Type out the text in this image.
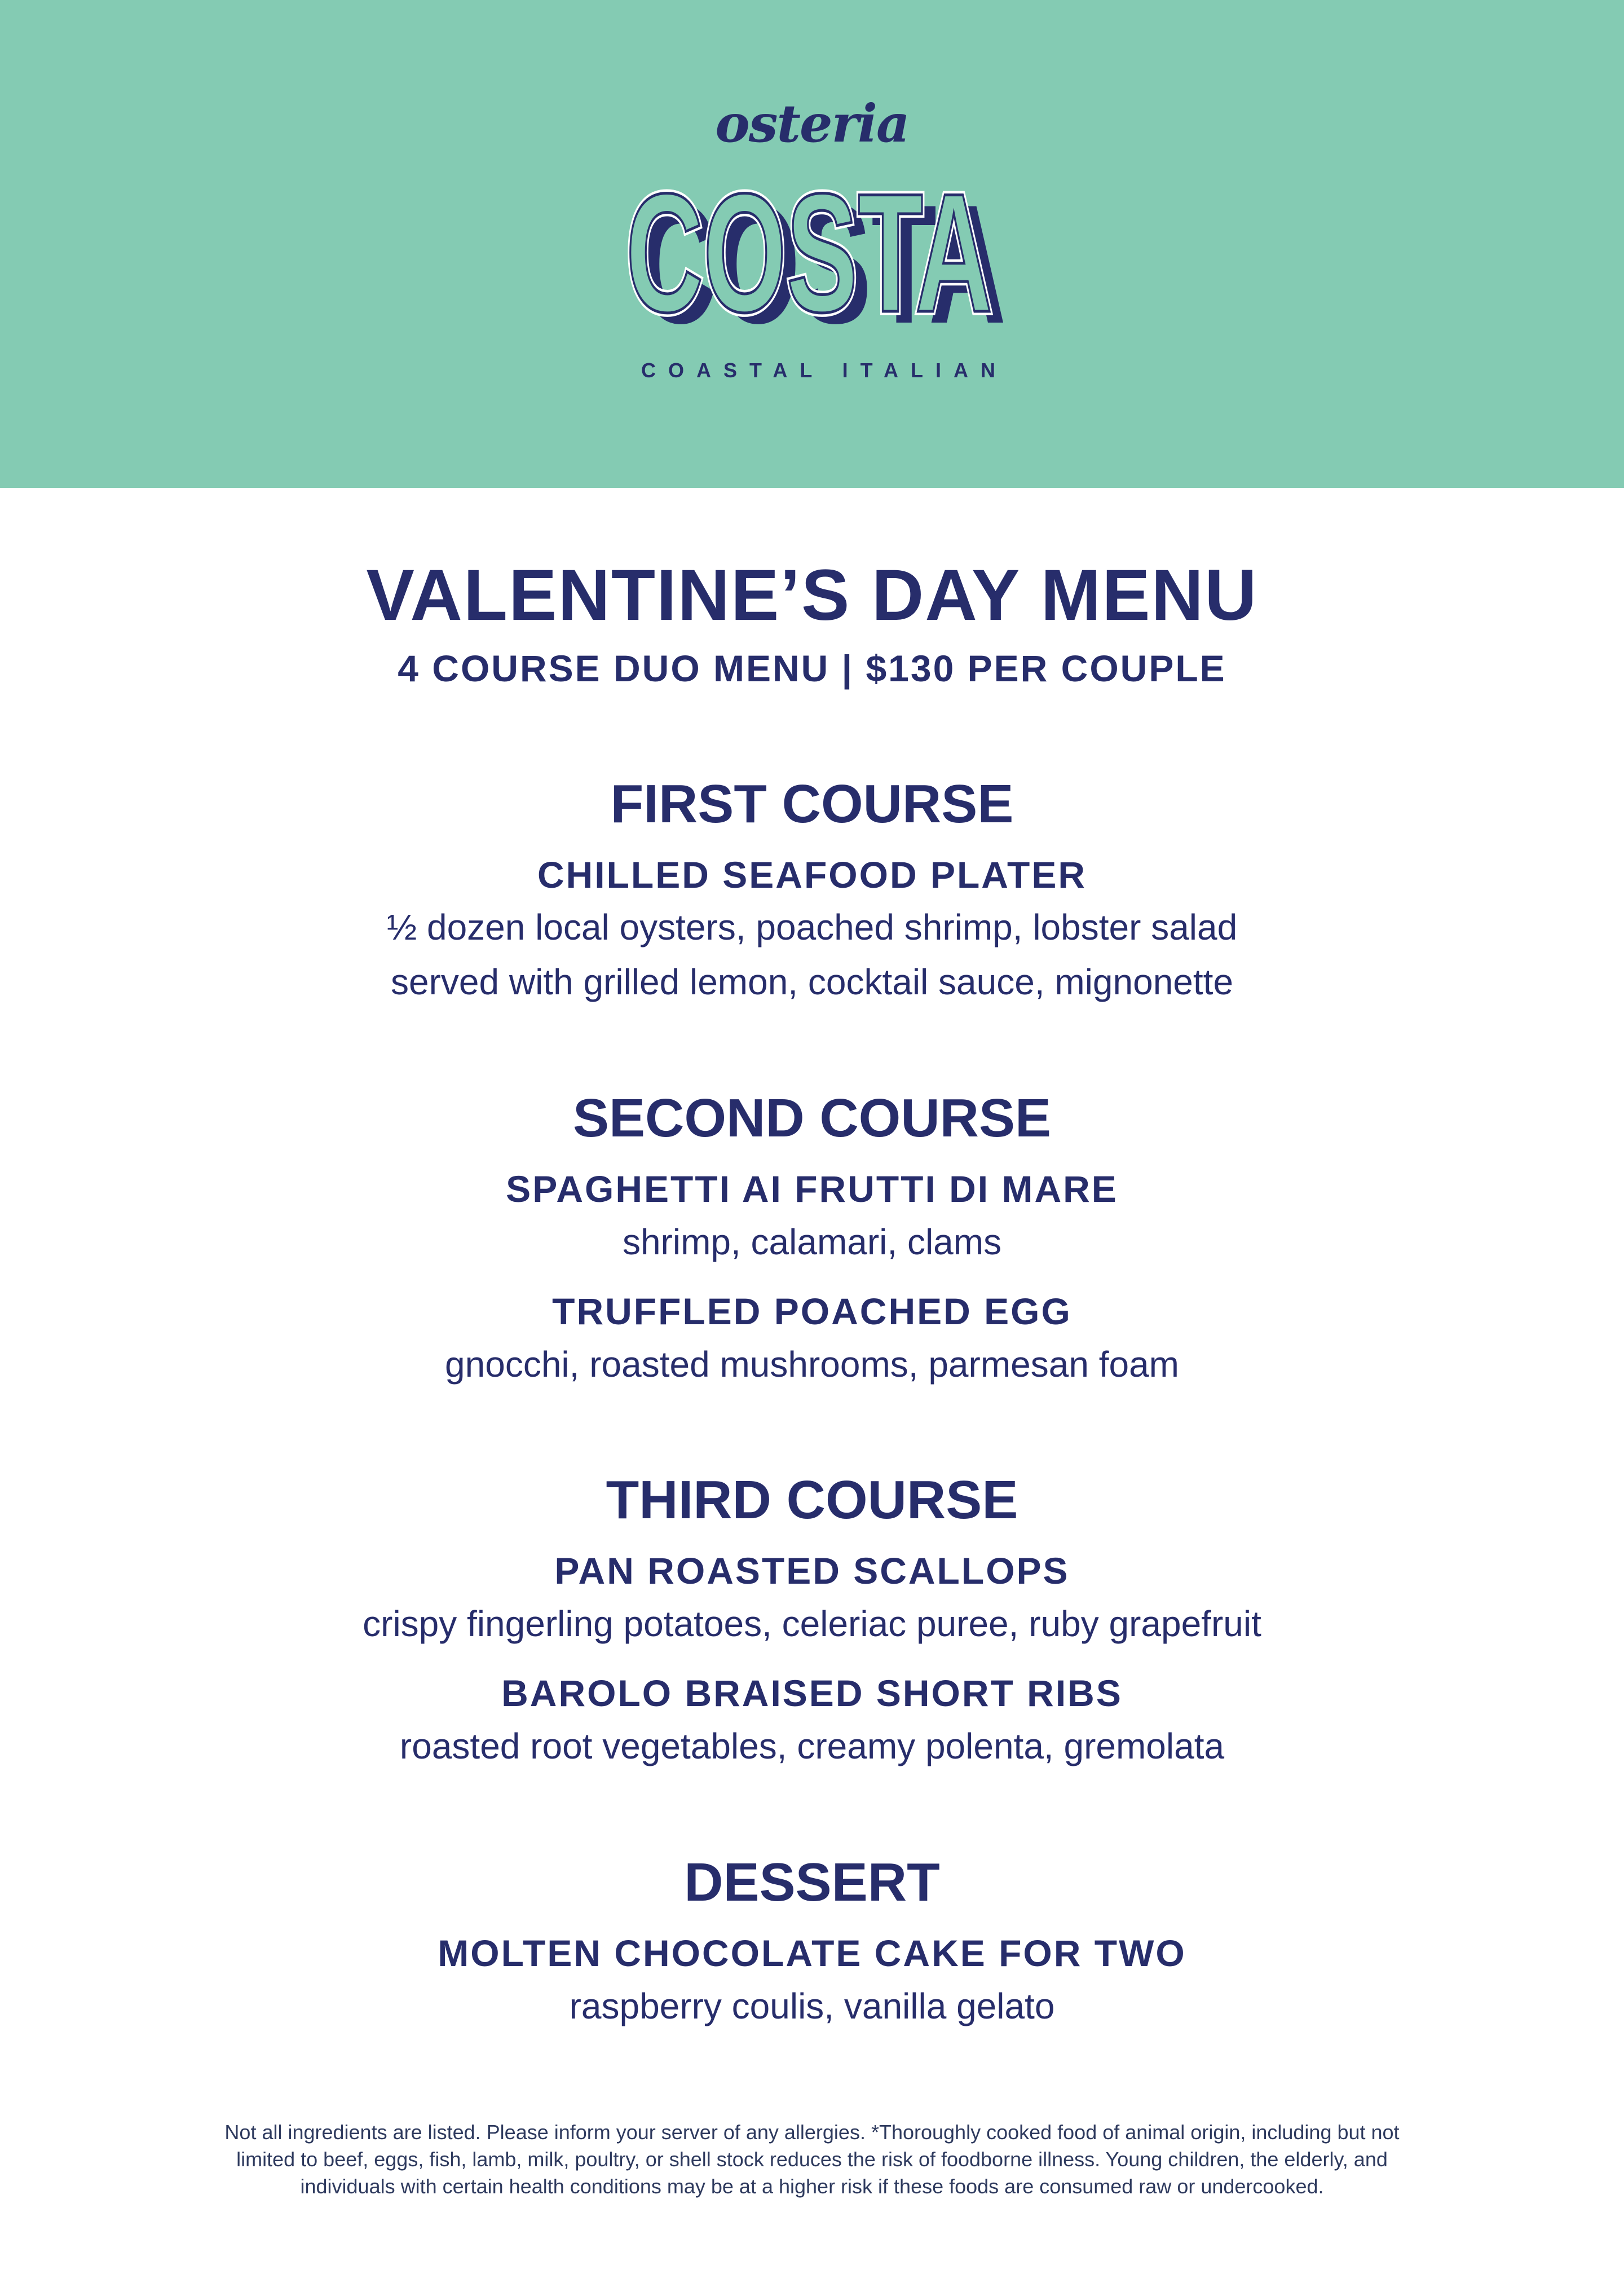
osteria
COSTA
COSTA
COSTA
COASTAL ITALIAN
VALENTINE’S DAY MENU
4 COURSE DUO MENU | $130 PER COUPLE
FIRST COURSE
CHILLED SEAFOOD PLATER
½ dozen local oysters, poached shrimp, lobster salad
served with grilled lemon, cocktail sauce, mignonette
SECOND COURSE
SPAGHETTI AI FRUTTI DI MARE
shrimp, calamari, clams
TRUFFLED POACHED EGG
gnocchi, roasted mushrooms, parmesan foam
THIRD COURSE
PAN ROASTED SCALLOPS
crispy fingerling potatoes, celeriac puree, ruby grapefruit
BAROLO BRAISED SHORT RIBS
roasted root vegetables, creamy polenta, gremolata
DESSERT
MOLTEN CHOCOLATE CAKE FOR TWO
raspberry coulis, vanilla gelato
Not all ingredients are listed. Please inform your server of any allergies. *Thoroughly cooked food of animal origin, including but not
limited to beef, eggs, fish, lamb, milk, poultry, or shell stock reduces the risk of foodborne illness. Young children, the elderly, and
individuals with certain health conditions may be at a higher risk if these foods are consumed raw or undercooked.
